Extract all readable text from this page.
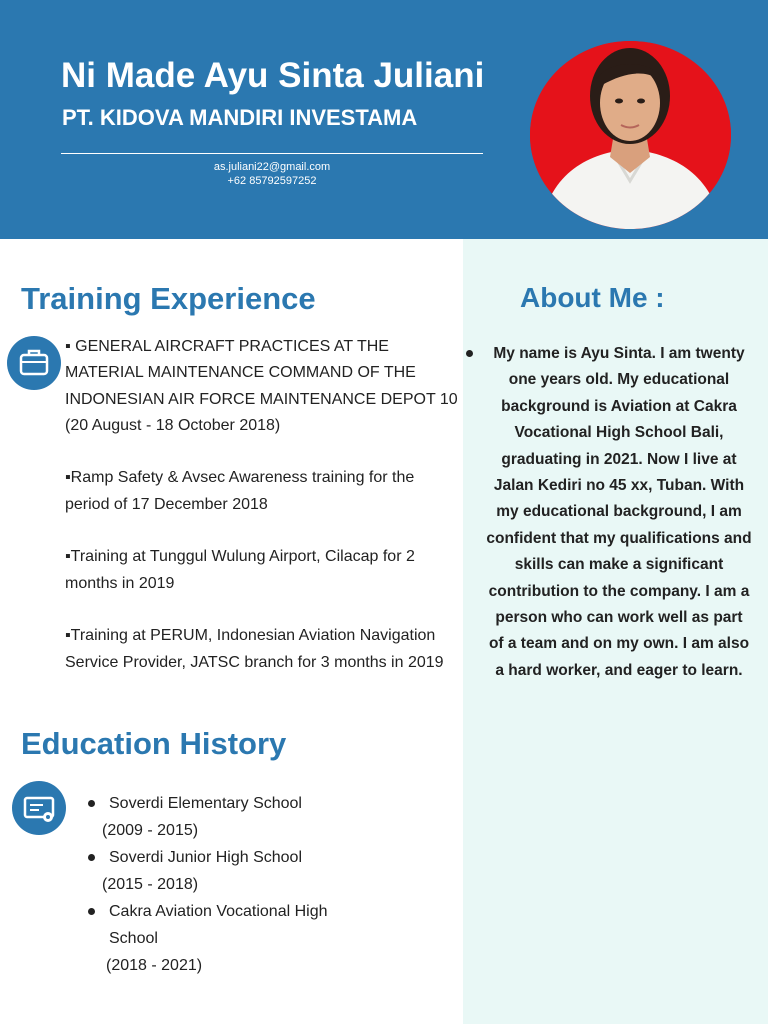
Ni Made Ayu Sinta Juliani
PT. KIDOVA MANDIRI INVESTAMA
as.juliani22@gmail.com
+62 85792597252
Training Experience
▪ GENERAL AIRCRAFT PRACTICES AT THE MATERIAL MAINTENANCE COMMAND OF THE INDONESIAN AIR FORCE MAINTENANCE DEPOT 10 (20 August - 18 October 2018)
▪Ramp Safety & Avsec Awareness training for the period of 17 December 2018
▪Training at Tunggul Wulung Airport, Cilacap for 2 months in 2019
▪Training at PERUM, Indonesian Aviation Navigation Service Provider, JATSC branch for 3 months in 2019
Education History
Soverdi Elementary School
(2009 - 2015)
Soverdi Junior High School
(2015 - 2018)
Cakra Aviation Vocational High School
(2018 - 2021)
About Me :
My name is Ayu Sinta. I am twenty one years old. My educational background is Aviation at Cakra Vocational High School Bali, graduating in 2021. Now I live at Jalan Kediri no 45 xx, Tuban. With my educational background, I am confident that my qualifications and skills can make a significant contribution to the company. I am a person who can work well as part of a team and on my own. I am also a hard worker, and eager to learn.
